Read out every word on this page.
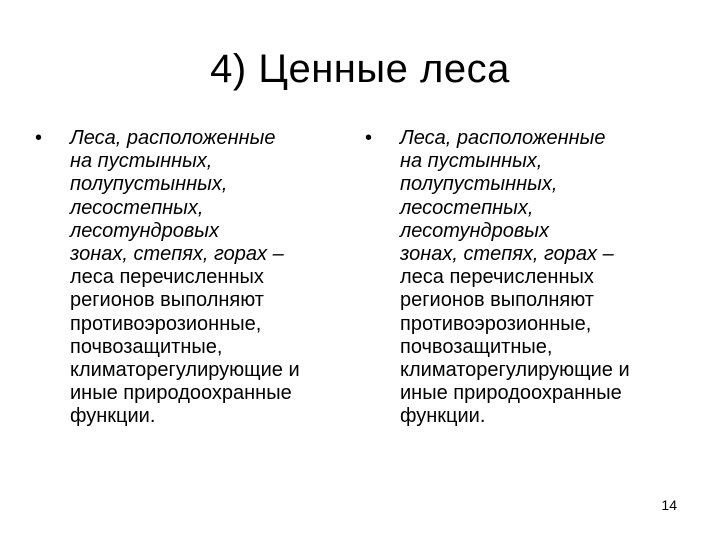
4) Ценные леса
• Леса, расположенные
на пустынных,
полупустынных,
лесостепных,
лесотундровых
зонах, степях, горах –
леса перечисленных
регионов выполняют
противоэрозионные,
почвозащитные,
климаторегулирующие и
иные природоохранные
функции.
• Леса, расположенные
на пустынных,
полупустынных,
лесостепных,
лесотундровых
зонах, степях, горах –
леса перечисленных
регионов выполняют
противоэрозионные,
почвозащитные,
климаторегулирующие и
иные природоохранные
функции.
14
